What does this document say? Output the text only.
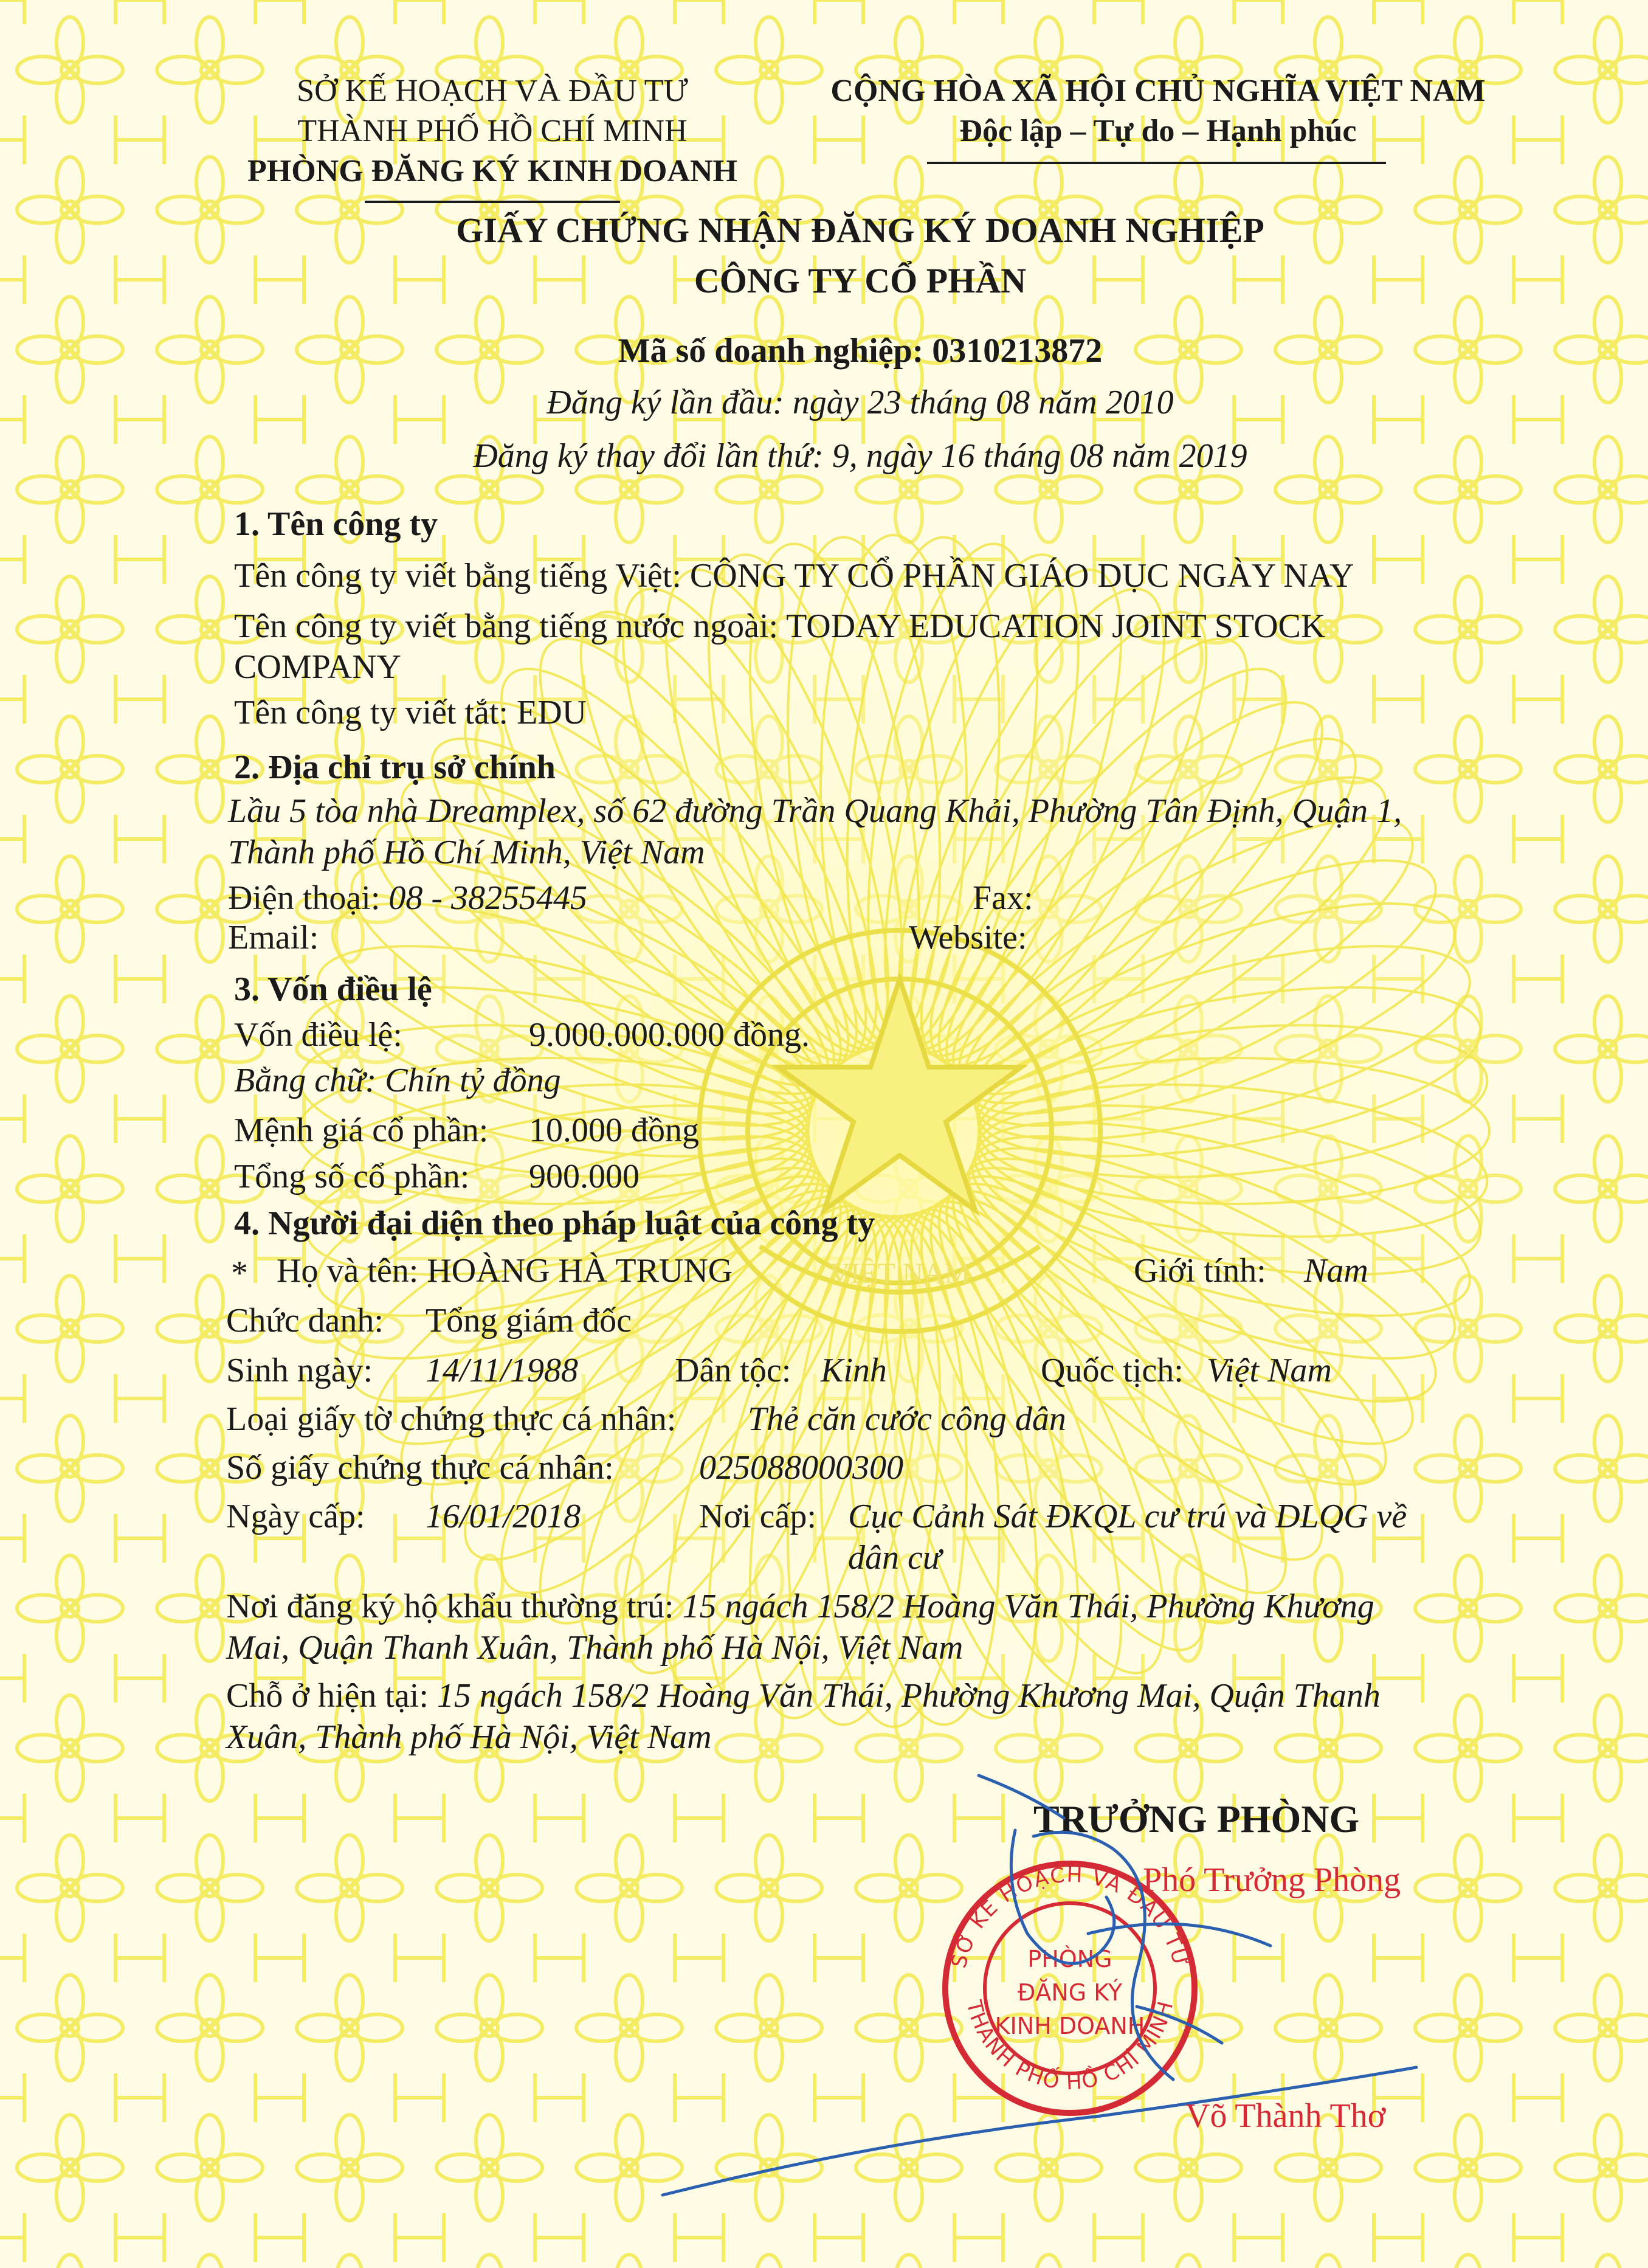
VIỆT NAM
SỞ KẾ HOẠCH VÀ ĐẦU TƯ
THÀNH PHỐ HỒ CHÍ MINH
PHÒNG ĐĂNG KÝ KINH DOANH
CỘNG HÒA XÃ HỘI CHỦ NGHĨA VIỆT NAM
Độc lập – Tự do – Hạnh phúc
GIẤY CHỨNG NHẬN ĐĂNG KÝ DOANH NGHIỆP
CÔNG TY CỔ PHẦN
Mã số doanh nghiệp: 0310213872
Đăng ký lần đầu: ngày 23 tháng 08 năm 2010
Đăng ký thay đổi lần thứ: 9, ngày 16 tháng 08 năm 2019
1. Tên công ty
Tên công ty viết bằng tiếng Việt: CÔNG TY CỔ PHẦN GIÁO DỤC NGÀY NAY
Tên công ty viết bằng tiếng nước ngoài: TODAY EDUCATION JOINT STOCK
COMPANY
Tên công ty viết tắt: EDU
2. Địa chỉ trụ sở chính
Lầu 5 tòa nhà Dreamplex, số 62 đường Trần Quang Khải, Phường Tân Định, Quận 1,
Thành phố Hồ Chí Minh, Việt Nam
Điện thoại: 08 - 38255445	Fax:
Email:	Website:
3. Vốn điều lệ
Vốn điều lệ:	9.000.000.000 đồng.
Bằng chữ: Chín tỷ đồng
Mệnh giá cổ phần: 10.000 đồng
Tổng số cổ phần: 900.000
4. Người đại diện theo pháp luật của công ty
* Họ và tên: HOÀNG HÀ TRUNG	Giới tính: Nam
Chức danh: Tổng giám đốc
Sinh ngày: 14/11/1988	Dân tộc: Kinh	Quốc tịch: Việt Nam
Loại giấy tờ chứng thực cá nhân: Thẻ căn cước công dân
Số giấy chứng thực cá nhân:	025088000300
Ngày cấp: 16/01/2018	Nơi cấp: Cục Cảnh Sát ĐKQL cư trú và DLQG về
dân cư
Nơi đăng ký hộ khẩu thường trú: 15 ngách 158/2 Hoàng Văn Thái, Phường Khương
Mai, Quận Thanh Xuân, Thành phố Hà Nội, Việt Nam
Chỗ ở hiện tại: 15 ngách 158/2 Hoàng Văn Thái, Phường Khương Mai, Quận Thanh
Xuân, Thành phố Hà Nội, Việt Nam
TRƯỞNG PHÒNG
SỞ KẾ HOẠCH VÀ ĐẦU TƯ
THÀNH PHỐ HỒ CHÍ MINH
PHÒNG
ĐĂNG KÝ
KINH DOANH
Phó Trưởng Phòng
Võ Thành Thơ
